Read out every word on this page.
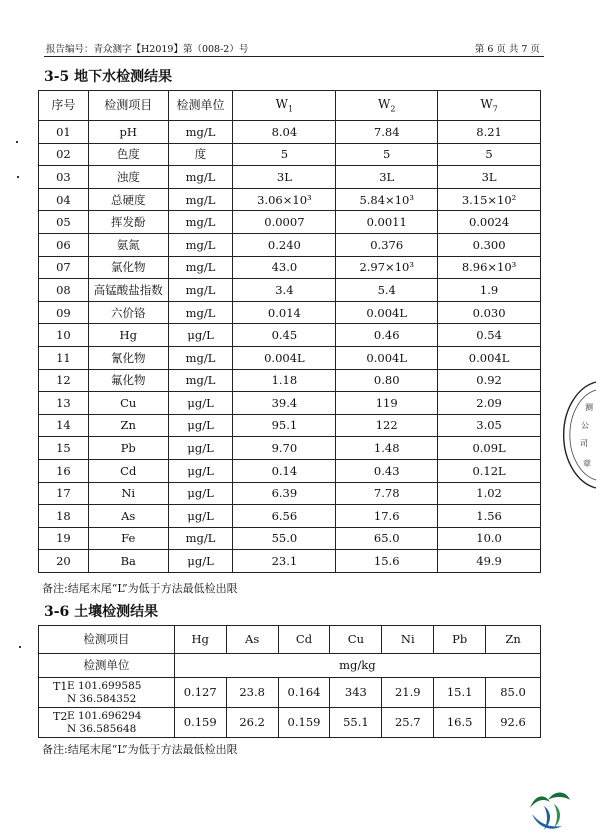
报告编号：青众测字【H2019】第（008-2）号	第 6 页 共 7 页
3-5 地下水检测结果
序号	检测项目	检测单位	$W_1$	$W_2$	$W_7$
01	pH	mg/L	8.04	7.84	8.21
02	色度	度	5	5	5
03	浊度	mg/L	3L	3L	3L
04	总硬度	mg/L	3.06×10³	5.84×10³	3.15×10²
05	挥发酚	mg/L	0.0007	0.0011	0.0024
06	氨氮	mg/L	0.240	0.376	0.300
07	氯化物	mg/L	43.0	2.97×10³	8.96×10³
08	高锰酸盐指数	mg/L	3.4	5.4	1.9
09	六价铬	mg/L	0.014	0.004L	0.030
10	Hg	μg/L	0.45	0.46	0.54
11	氰化物	mg/L	0.004L	0.004L	0.004L
12	氟化物	mg/L	1.18	0.80	0.92
13	Cu	μg/L	39.4	119	2.09
14	Zn	μg/L	95.1	122	3.05
15	Pb	μg/L	9.70	1.48	0.09L
16	Cd	μg/L	0.14	0.43	0.12L
17	Ni	μg/L	6.39	7.78	1.02
18	As	μg/L	6.56	17.6	1.56
19	Fe	mg/L	55.0	65.0	10.0
20	Ba	μg/L	23.1	15.6	49.9
备注:结尾末尾“L”为低于方法最低检出限
3-6 土壤检测结果
检测项目	Hg	As	Cd	Cu	Ni	Pb	Zn
检测单位	mg/kg						

T1 E 101.699585
N 36.584352	0.127	23.8	0.164	343	21.9	15.1	85.0

T2 E 101.696294
N 36.585648	0.159	26.2	0.159	55.1	25.7	16.5	92.6
备注:结尾末尾“L”为低于方法最低检出限
测
公
司
章
